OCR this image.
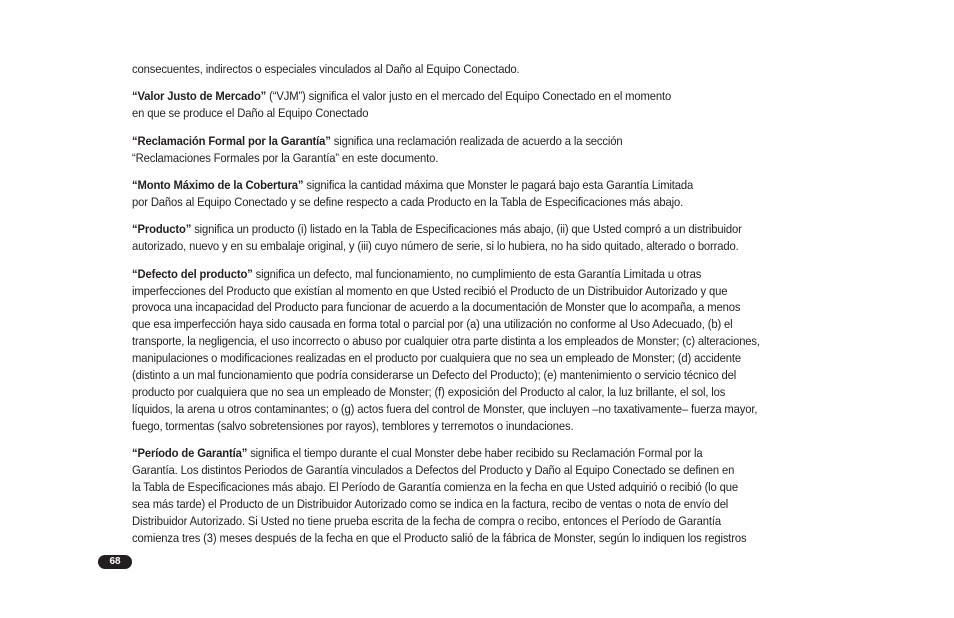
consecuentes, indirectos o especiales vinculados al Daño al Equipo Conectado.

“Valor Justo de Mercado” (“VJM”) significa el valor justo en el mercado del Equipo Conectado en el momento
en que se produce el Daño al Equipo Conectado

“Reclamación Formal por la Garantía” significa una reclamación realizada de acuerdo a la sección
“Reclamaciones Formales por la Garantía” en este documento.

“Monto Máximo de la Cobertura” significa la cantidad máxima que Monster le pagará bajo esta Garantía Limitada
por Daños al Equipo Conectado y se define respecto a cada Producto en la Tabla de Especificaciones más abajo.

“Producto” significa un producto (i) listado en la Tabla de Especificaciones más abajo, (ii) que Usted compró a un distribuidor
autorizado, nuevo y en su embalaje original, y (iii) cuyo número de serie, si lo hubiera, no ha sido quitado, alterado o borrado.

“Defecto del producto” significa un defecto, mal funcionamiento, no cumplimiento de esta Garantía Limitada u otras
imperfecciones del Producto que existían al momento en que Usted recibió el Producto de un Distribuidor Autorizado y que
provoca una incapacidad del Producto para funcionar de acuerdo a la documentación de Monster que lo acompaña, a menos
que esa imperfección haya sido causada en forma total o parcial por (a) una utilización no conforme al Uso Adecuado, (b) el
transporte, la negligencia, el uso incorrecto o abuso por cualquier otra parte distinta a los empleados de Monster; (c) alteraciones,
manipulaciones o modificaciones realizadas en el producto por cualquiera que no sea un empleado de Monster; (d) accidente
(distinto a un mal funcionamiento que podría considerarse un Defecto del Producto); (e) mantenimiento o servicio técnico del
producto por cualquiera que no sea un empleado de Monster; (f) exposición del Producto al calor, la luz brillante, el sol, los
líquidos, la arena u otros contaminantes; o (g) actos fuera del control de Monster, que incluyen –no taxativamente– fuerza mayor,
fuego, tormentas (salvo sobretensiones por rayos), temblores y terremotos o inundaciones.

“Período de Garantía” significa el tiempo durante el cual Monster debe haber recibido su Reclamación Formal por la
Garantía. Los distintos Periodos de Garantía vinculados a Defectos del Producto y Daño al Equipo Conectado se definen en
la Tabla de Especificaciones más abajo. El Período de Garantía comienza en la fecha en que Usted adquirió o recibió (lo que
sea más tarde) el Producto de un Distribuidor Autorizado como se indica en la factura, recibo de ventas o nota de envío del
Distribuidor Autorizado. Si Usted no tiene prueba escrita de la fecha de compra o recibo, entonces el Período de Garantía
comienza tres (3) meses después de la fecha en que el Producto salió de la fábrica de Monster, según lo indiquen los registros

68
